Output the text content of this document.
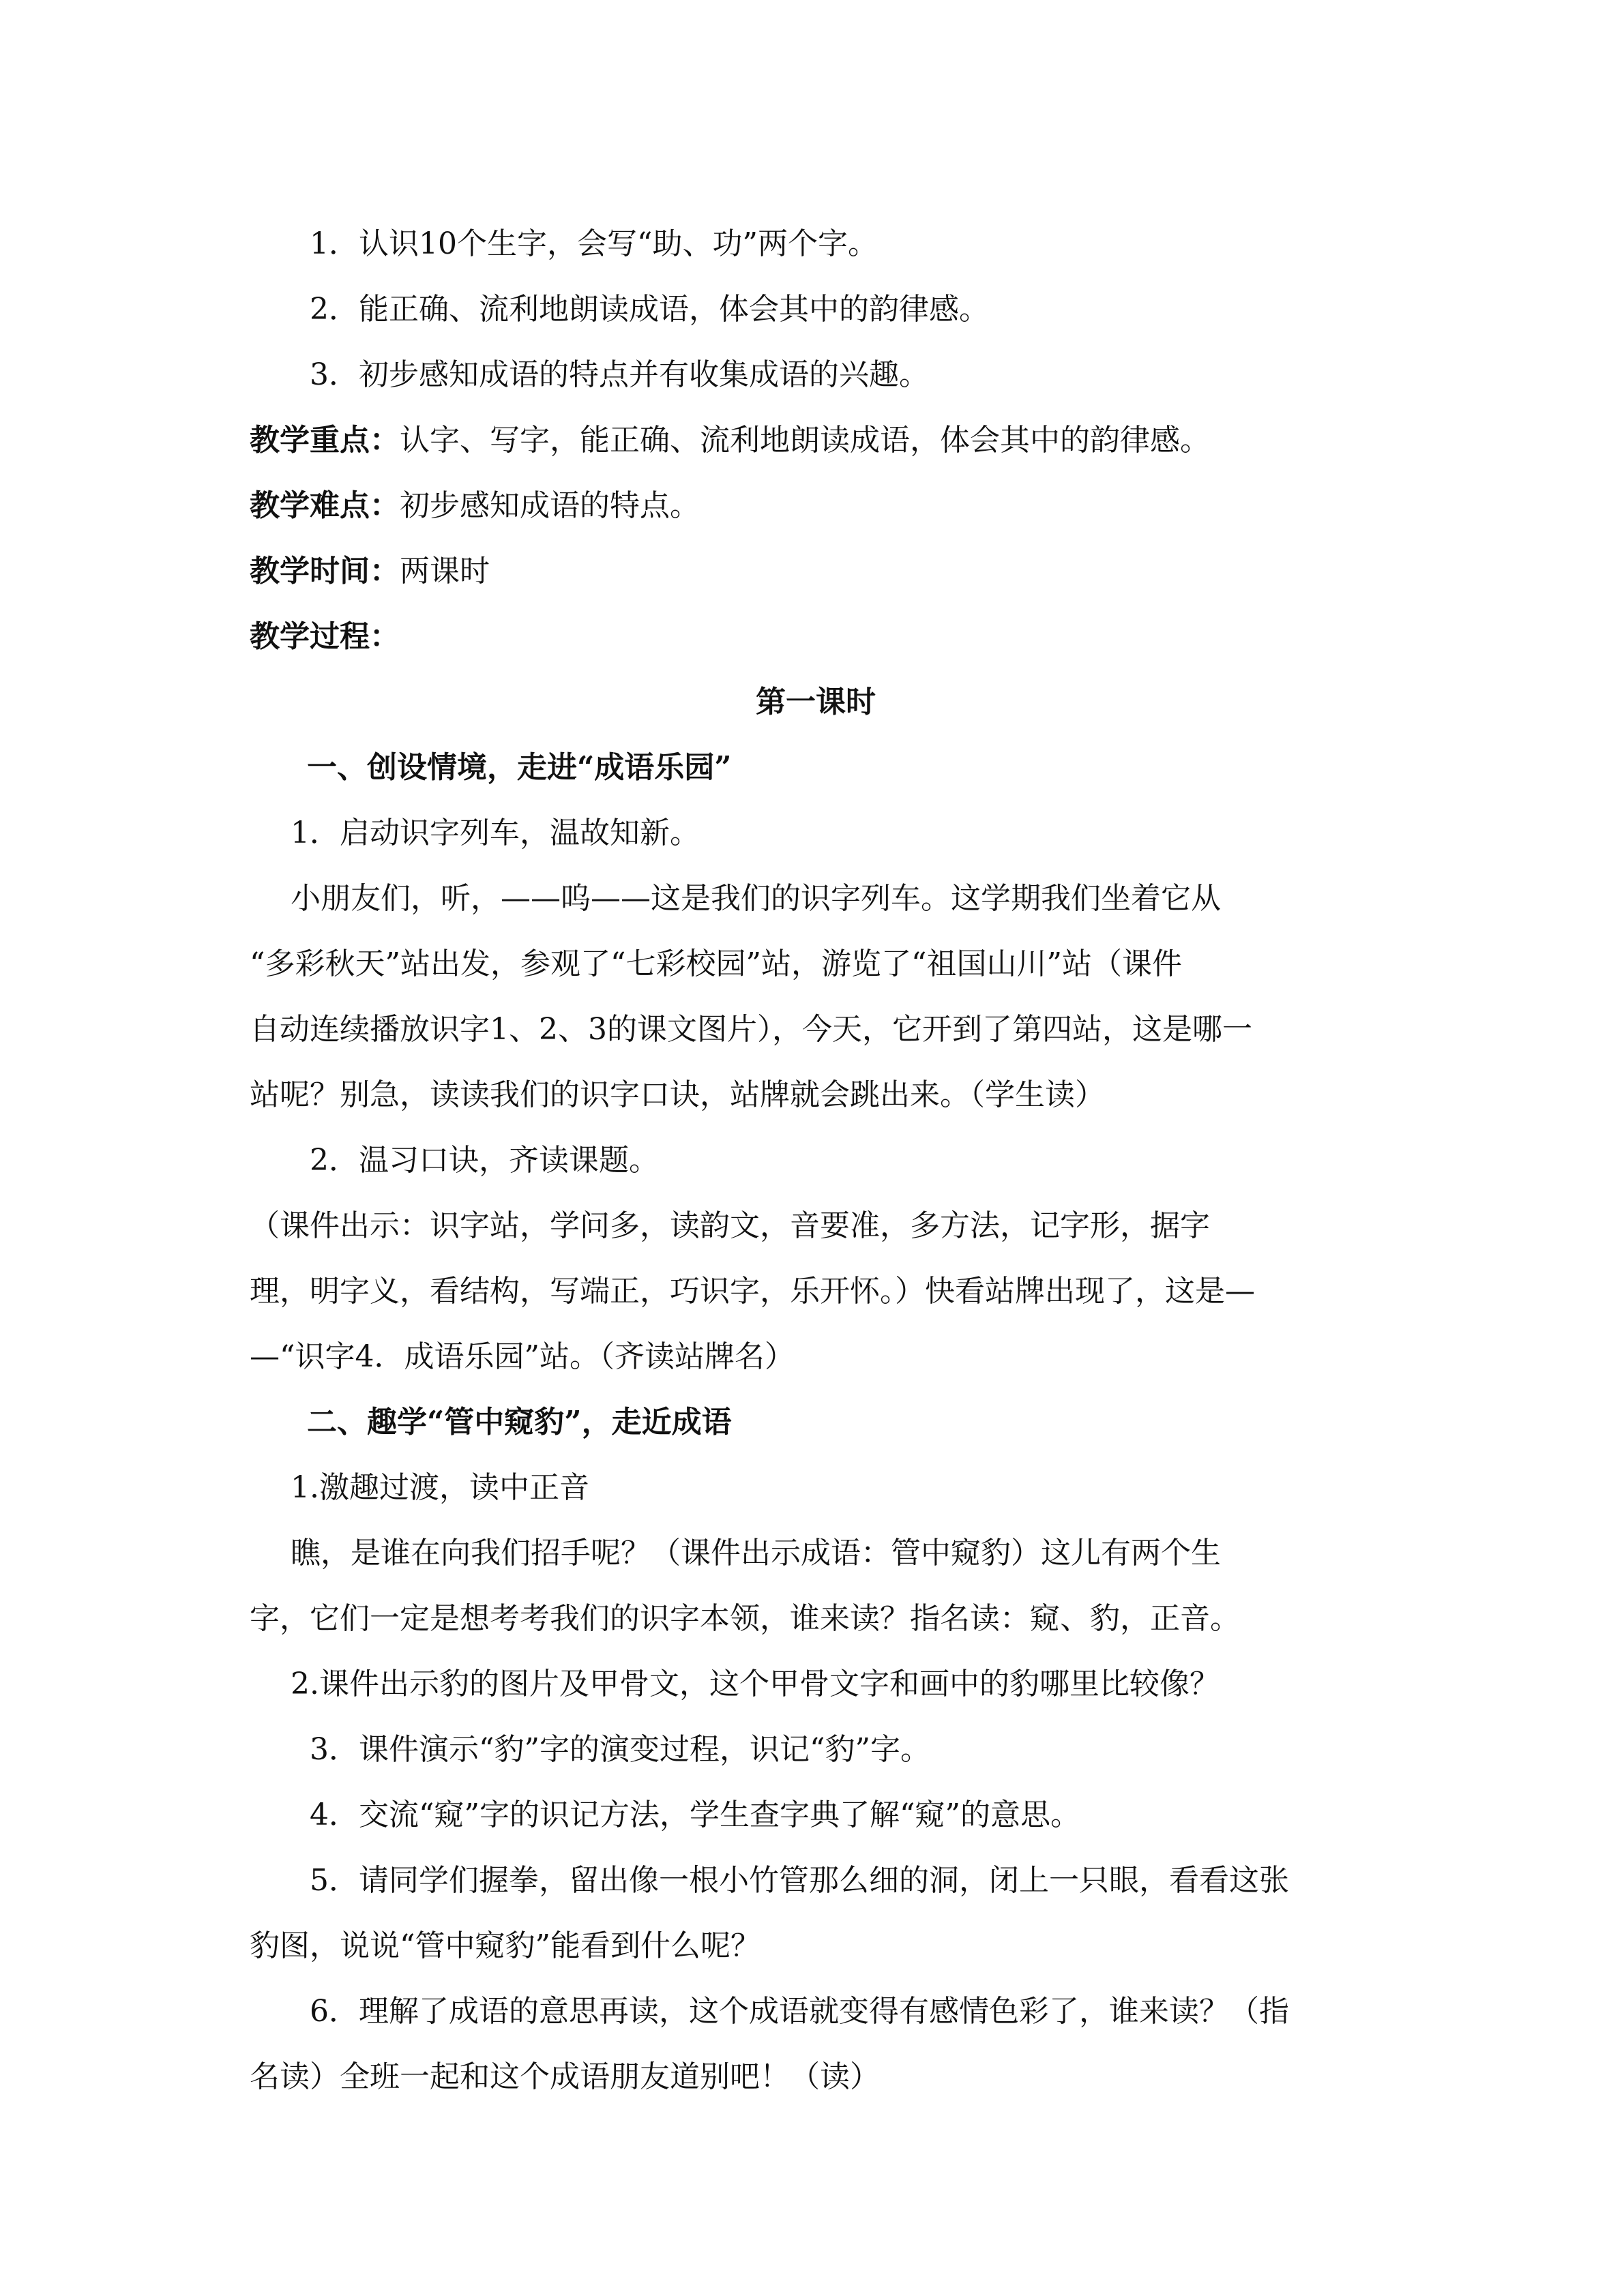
1．认识10个生字，会写“助、功”两个字。
2．能正确、流利地朗读成语，体会其中的韵律感。
3．初步感知成语的特点并有收集成语的兴趣。
教学重点：认字、写字，能正确、流利地朗读成语，体会其中的韵律感。
教学难点：初步感知成语的特点。
教学时间：两课时
教学过程：
第一课时
一、创设情境，走进“成语乐园”
1．启动识字列车，温故知新。
小朋友们，听，——呜——这是我们的识字列车。这学期我们坐着它从
“多彩秋天”站出发，参观了“七彩校园”站，游览了“祖国山川”站（课件
自动连续播放识字1、2、3的课文图片），今天，它开到了第四站，这是哪一
站呢？别急，读读我们的识字口诀，站牌就会跳出来。（学生读）
2．温习口诀，齐读课题。
（课件出示：识字站，学问多，读韵文，音要准，多方法，记字形，据字
理，明字义，看结构，写端正，巧识字，乐开怀。）快看站牌出现了，这是—
—“识字4．成语乐园”站。（齐读站牌名）
二、趣学“管中窥豹”，走近成语
1.激趣过渡，读中正音
瞧，是谁在向我们招手呢？（课件出示成语：管中窥豹）这儿有两个生
字，它们一定是想考考我们的识字本领，谁来读？指名读：窥、豹，正音。
2.课件出示豹的图片及甲骨文，这个甲骨文字和画中的豹哪里比较像？
3．课件演示“豹”字的演变过程，识记“豹”字。
4．交流“窥”字的识记方法，学生查字典了解“窥”的意思。
5．请同学们握拳，留出像一根小竹管那么细的洞，闭上一只眼，看看这张
豹图，说说“管中窥豹”能看到什么呢？
6．理解了成语的意思再读，这个成语就变得有感情色彩了，谁来读？（指
名读）全班一起和这个成语朋友道别吧！（读）
